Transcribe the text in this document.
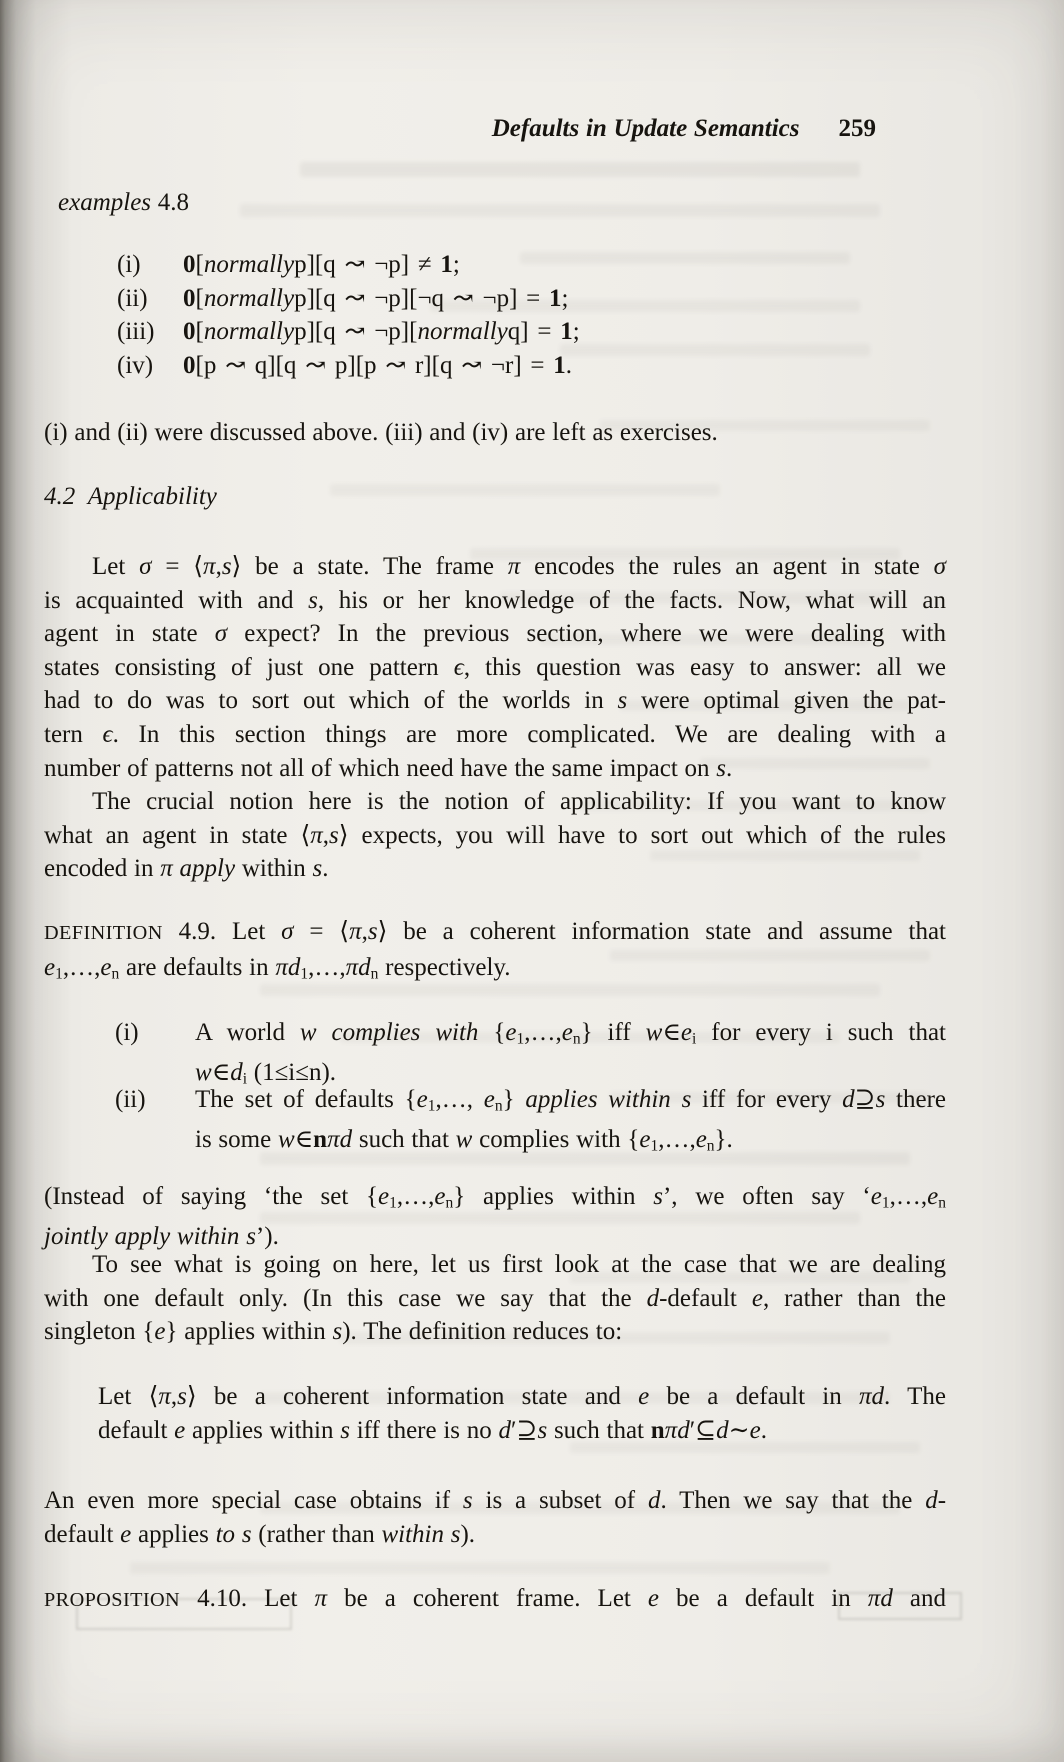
Defaults in Update Semantics 259
examples 4.8
(i) 0[normallyp][q ↝ ¬p] ≠ 1;
(ii) 0[normallyp][q ↝ ¬p][¬q ↝ ¬p] = 1;
(iii) 0[normallyp][q ↝ ¬p][normallyq] = 1;
(iv) 0[p ↝ q][q ↝ p][p ↝ r][q ↝ ¬r] = 1.
(i) and (ii) were discussed above. (iii) and (iv) are left as exercises.
4.2 Applicability
Let σ = ⟨π,s⟩ be a state. The frame π encodes the rules an agent in state σ
is acquainted with and s, his or her knowledge of the facts. Now, what will an
agent in state σ expect? In the previous section, where we were dealing with
states consisting of just one pattern ϵ, this question was easy to answer: all we
had to do was to sort out which of the worlds in s were optimal given the pat-
tern ϵ. In this section things are more complicated. We are dealing with a
number of patterns not all of which need have the same impact on s.
The crucial notion here is the notion of applicability: If you want to know
what an agent in state ⟨π,s⟩ expects, you will have to sort out which of the rules
encoded in π apply within s.
DEFINITION 4.9. Let σ = ⟨π,s⟩ be a coherent information state and assume that
e1,…,en are defaults in πd1,…,πdn respectively.
(i) A world w complies with {e1,…,en} iff w∈ei for every i such that
w∈di (1≤i≤n).
(ii) The set of defaults {e1,…, en} applies within s iff for every d⊇s there
is some w∈nπd such that w complies with {e1,…,en}.
(Instead of saying ‘the set {e1,…,en} applies within s’, we often say ‘e1,…,en
jointly apply within s’).
To see what is going on here, let us first look at the case that we are dealing
with one default only. (In this case we say that the d-default e, rather than the
singleton {e} applies within s). The definition reduces to:
Let ⟨π,s⟩ be a coherent information state and e be a default in πd. The
default e applies within s iff there is no d′⊇s such that nπd′⊆d∼e.
An even more special case obtains if s is a subset of d. Then we say that the d-
default e applies to s (rather than within s).
PROPOSITION 4.10. Let π be a coherent frame. Let e be a default in πd and
